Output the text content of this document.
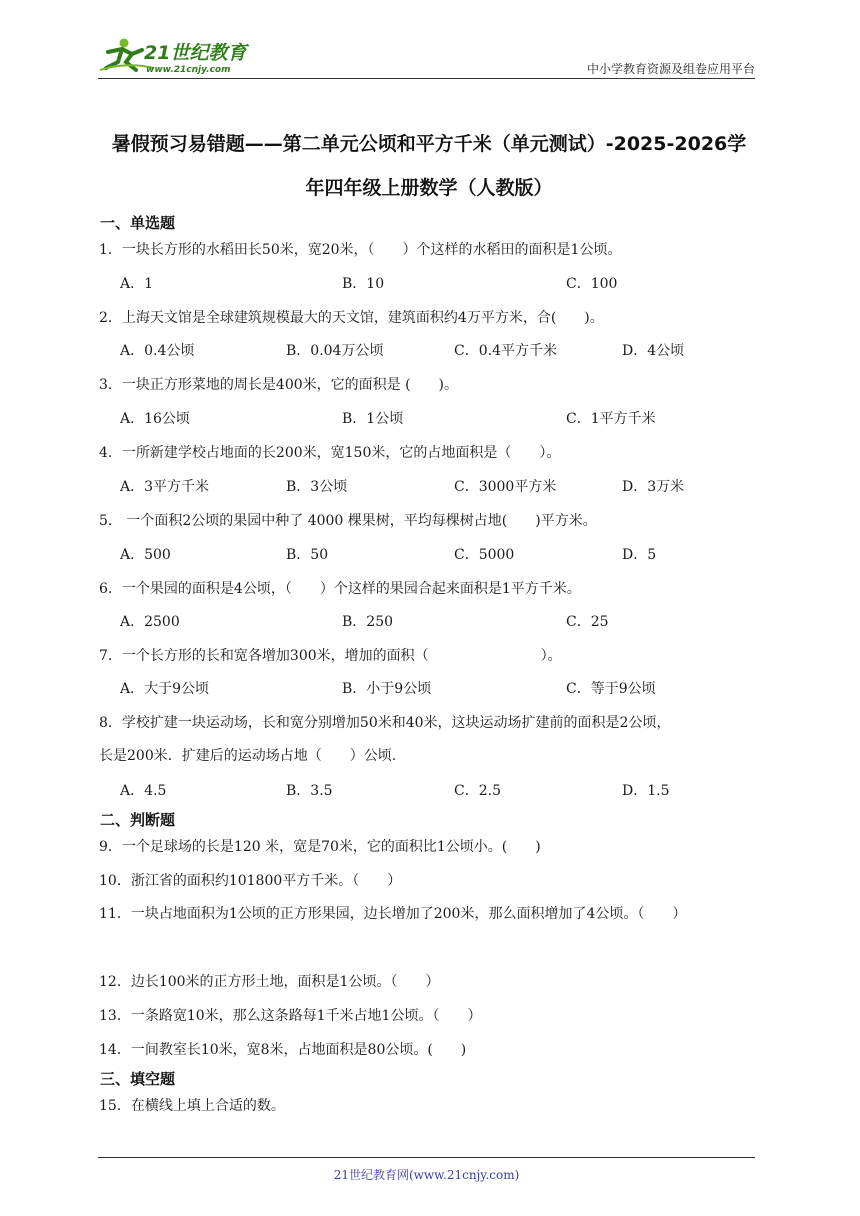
21世纪教育
www.21cnjy.com	中小学教育资源及组卷应用平台
暑假预习易错题——第二单元公顷和平方千米（单元测试）-2025-2026学
年四年级上册数学（人教版）
一、单选题
1．一块长方形的水稻田长50米，宽20米，（　　）个这样的水稻田的面积是1公顷。
A．1	B．10	C．100
2．上海天文馆是全球建筑规模最大的天文馆，建筑面积约4万平方米，合(　　)。
A．0.4公顷	B．0.04万公顷	C．0.4平方千米	D．4公顷
3．一块正方形菜地的周长是400米，它的面积是 (　　)。
A．16公顷	B．1公顷	C．1平方千米
4．一所新建学校占地面的长200米，宽150米，它的占地面积是（　　）。
A．3平方千米	B．3公顷	C．3000平方米	D．3万米
5． 一个面积2公顷的果园中种了 4000 棵果树，平均每棵树占地(　　)平方米。
A．500	B．50	C．5000	D．5
6．一个果园的面积是4公顷，（　　）个这样的果园合起来面积是1平方千米。
A．2500	B．250	C．25
7．一个长方形的长和宽各增加300米，增加的面积（　　　　　　　　）。
A．大于9公顷	B．小于9公顷	C．等于9公顷
8．学校扩建一块运动场，长和宽分别增加50米和40米，这块运动场扩建前的面积是2公顷，
长是200米．扩建后的运动场占地（　　）公顷.
A．4.5	B．3.5	C．2.5	D．1.5
二、判断题
9．一个足球场的长是120 米，宽是70米，它的面积比1公顷小。(　　)
10．浙江省的面积约101800平方千米。（　　）
11．一块占地面积为1公顷的正方形果园，边长增加了200米，那么面积增加了4公顷。（　　）
12．边长100米的正方形土地，面积是1公顷。（　　）
13．一条路宽10米，那么这条路每1千米占地1公顷。（　　）
14．一间教室长10米，宽8米，占地面积是80公顷。(　　)
三、填空题
15．在横线上填上合适的数。
21世纪教育网(www.21cnjy.com)
